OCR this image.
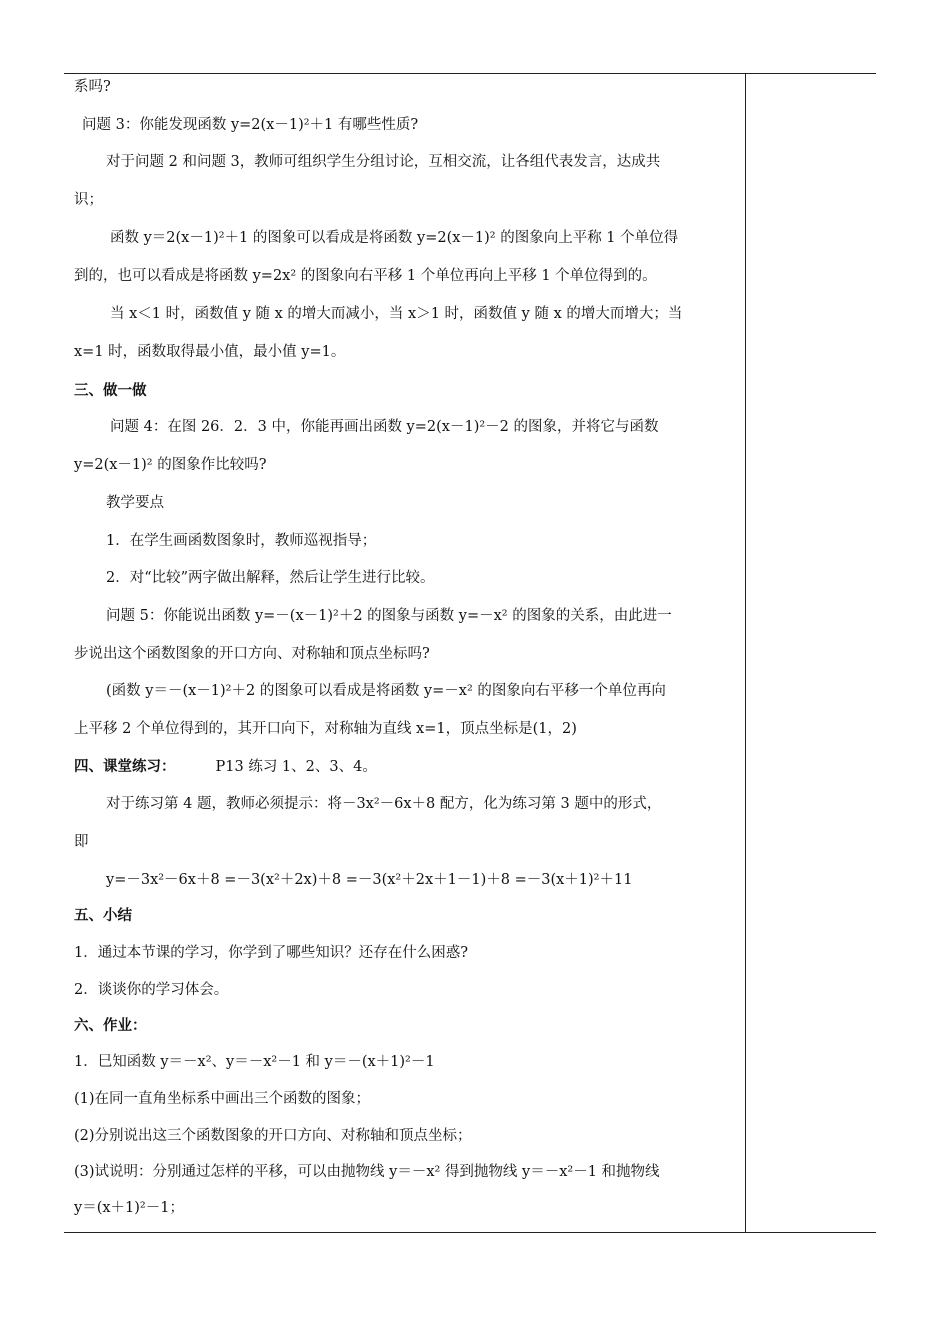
系吗?
问题 3：你能发现函数 y=2(x－1)²＋1 有哪些性质?
对于问题 2 和问题 3，教师可组织学生分组讨论，互相交流，让各组代表发言，达成共
识；
函数 y＝2(x－1)²＋1 的图象可以看成是将函数 y=2(x－1)² 的图象向上平称 1 个单位得
到的，也可以看成是将函数 y=2x² 的图象向右平移 1 个单位再向上平移 1 个单位得到的。
当 x＜1 时，函数值 y 随 x 的增大而减小，当 x＞1 时，函数值 y 随 x 的增大而增大；当
x=1 时，函数取得最小值，最小值 y=1。
三、做一做
问题 4：在图 26．2．3 中，你能再画出函数 y=2(x－1)²－2 的图象，并将它与函数
y=2(x－1)² 的图象作比较吗?
教学要点
1．在学生画函数图象时，教师巡视指导；
2．对“比较”两字做出解释，然后让学生进行比较。
问题 5：你能说出函数 y=－(x－1)²＋2 的图象与函数 y=－x² 的图象的关系，由此进一
步说出这个函数图象的开口方向、对称轴和顶点坐标吗?
(函数 y＝－(x－1)²＋2 的图象可以看成是将函数 y=－x² 的图象向右平移一个单位再向
上平移 2 个单位得到的，其开口向下，对称轴为直线 x=1，顶点坐标是(1，2)
四、课堂练习：	P13 练习 1、2、3、4。
对于练习第 4 题，教师必须提示：将－3x²－6x＋8 配方，化为练习第 3 题中的形式，
即
y=－3x²－6x＋8 =－3(x²＋2x)＋8 =－3(x²＋2x＋1－1)＋8 =－3(x＋1)²＋11
五、小结
1．通过本节课的学习，你学到了哪些知识？还存在什么困惑?
2．谈谈你的学习体会。
六、作业：
1．巳知函数 y＝－x²、y＝－x²－1 和 y＝－(x＋1)²－1
(1)在同一直角坐标系中画出三个函数的图象；
(2)分别说出这三个函数图象的开口方向、对称轴和顶点坐标；
(3)试说明：分别通过怎样的平移，可以由抛物线 y＝－x² 得到抛物线 y＝－x²－1 和抛物线
y＝(x＋1)²－1；
